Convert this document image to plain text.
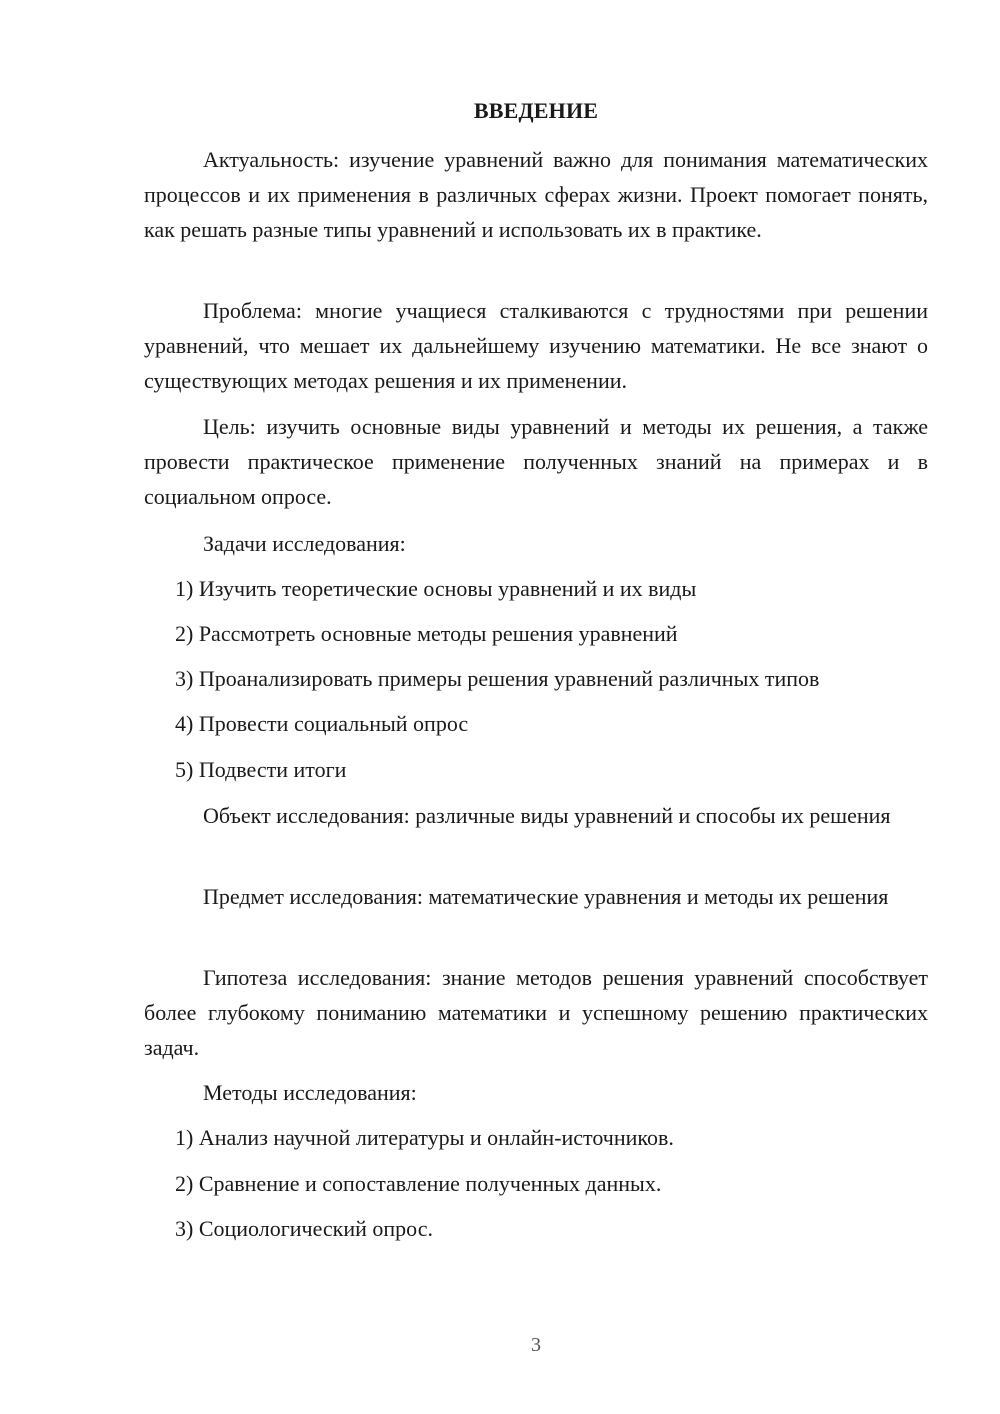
ВВЕДЕНИЕ

Актуальность: изучение уравнений важно для понимания математических процессов и их применения в различных сферах жизни. Проект помогает понять, как решать разные типы уравнений и использовать их в практике.

Проблема: многие учащиеся сталкиваются с трудностями при решении уравнений, что мешает их дальнейшему изучению математики. Не все знают о существующих методах решения и их применении.

Цель: изучить основные виды уравнений и методы их решения, а также провести практическое применение полученных знаний на примерах и в социальном опросе.

Задачи исследования:
1) Изучить теоретические основы уравнений и их виды
2) Рассмотреть основные методы решения уравнений
3) Проанализировать примеры решения уравнений различных типов
4) Провести социальный опрос
5) Подвести итоги

Объект исследования: различные виды уравнений и способы их решения

Предмет исследования: математические уравнения и методы их решения

Гипотеза исследования: знание методов решения уравнений способствует более глубокому пониманию математики и успешному решению практических задач.

Методы исследования:
1) Анализ научной литературы и онлайн-источников.
2) Сравнение и сопоставление полученных данных.
3) Социологический опрос.
3
